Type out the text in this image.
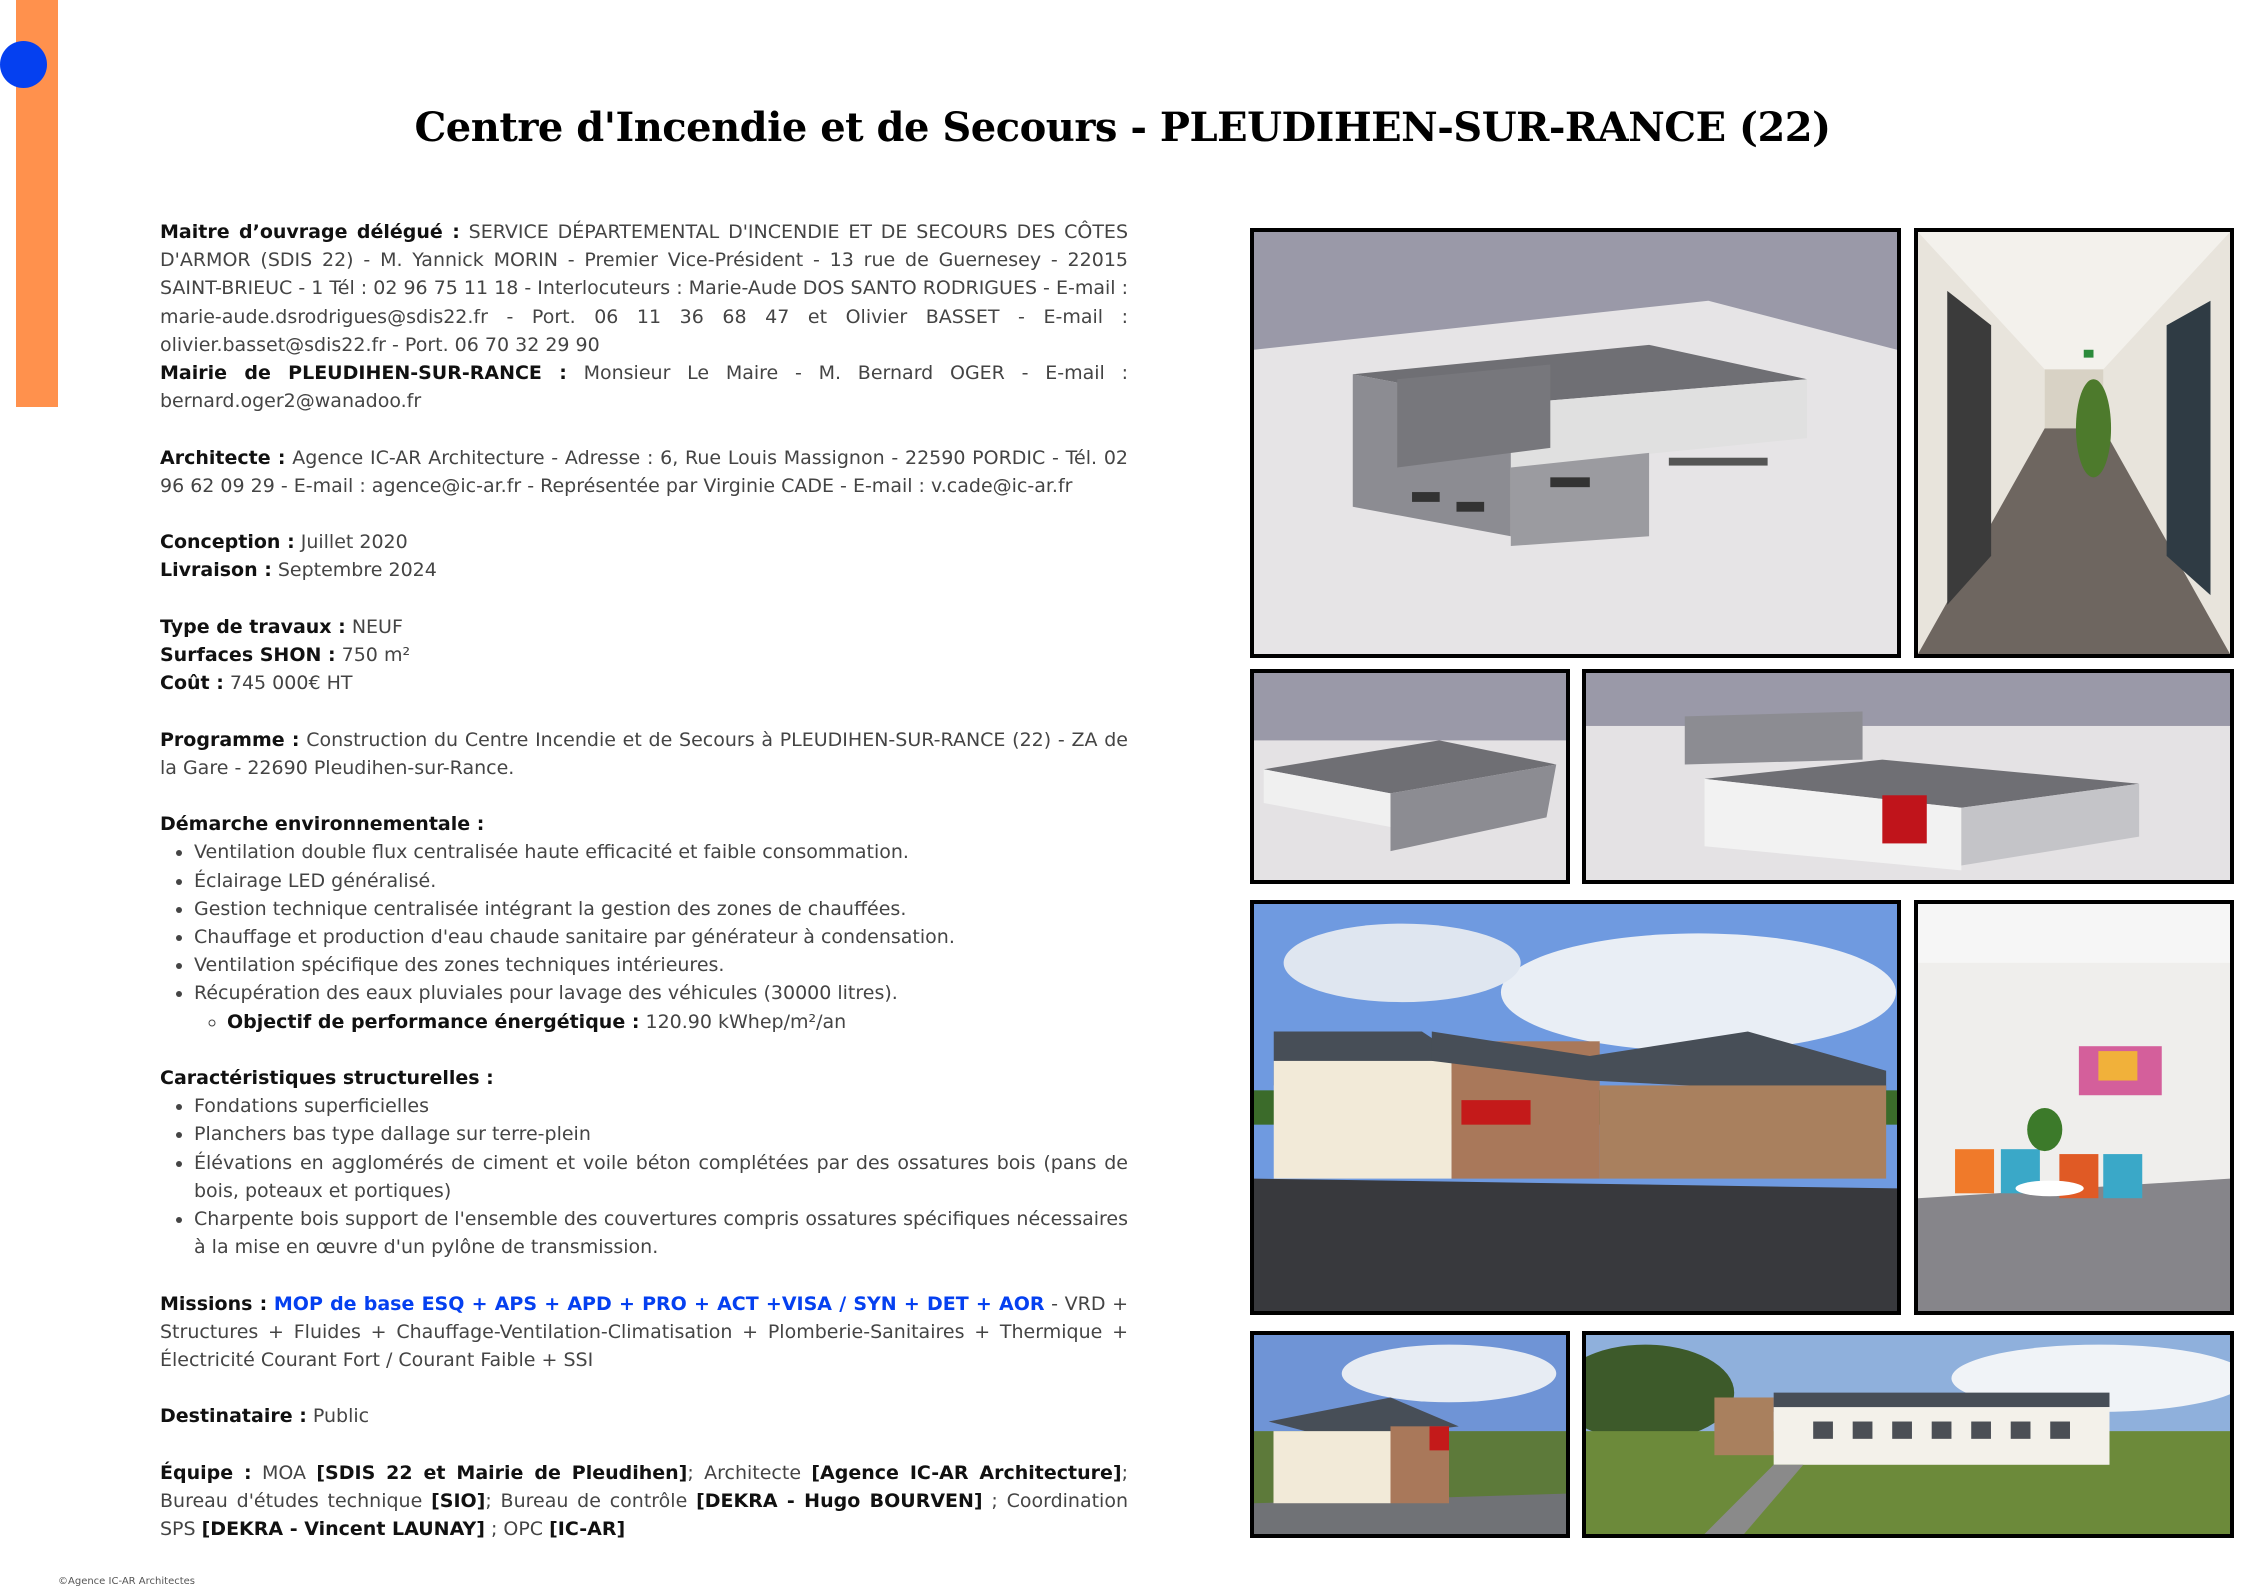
Centre d'Incendie et de Secours - PLEUDIHEN-SUR-RANCE (22)

Maitre d’ouvrage délégué : SERVICE DÉPARTEMENTAL D'INCENDIE ET DE SECOURS DES CÔTES D'ARMOR (SDIS 22) - M. Yannick MORIN - Premier Vice-Président - 13 rue de Guernesey - 22015 SAINT-BRIEUC - 1 Tél : 02 96 75 11 18 - Interlocuteurs : Marie-Aude DOS SANTO RODRIGUES - E-mail : marie-aude.dsrodrigues@sdis22.fr - Port. 06 11 36 68 47 et Olivier BASSET - E-mail : olivier.basset@sdis22.fr - Port. 06 70 32 29 90

Mairie de PLEUDIHEN-SUR-RANCE : Monsieur Le Maire - M. Bernard OGER - E-mail : bernard.oger2@wanadoo.fr

Architecte : Agence IC-AR Architecture - Adresse : 6, Rue Louis Massignon - 22590 PORDIC - Tél. 02 96 62 09 29 - E-mail : agence@ic-ar.fr - Représentée par Virginie CADE - E-mail : v.cade@ic-ar.fr

Conception : Juillet 2020

Livraison : Septembre 2024

Type de travaux : NEUF

Surfaces SHON : 750 m²

Coût : 745 000€ HT

Programme : Construction du Centre Incendie et de Secours à PLEUDIHEN-SUR-RANCE (22) - ZA de la Gare - 22690 Pleudihen-sur-Rance.

Démarche environnementale :

• Ventilation double flux centralisée haute efficacité et faible consommation.
• Éclairage LED généralisé.
• Gestion technique centralisée intégrant la gestion des zones de chauffées.
• Chauffage et production d'eau chaude sanitaire par générateur à condensation.
• Ventilation spécifique des zones techniques intérieures.
• Récupération des eaux pluviales pour lavage des véhicules (30000 litres).
◦ Objectif de performance énergétique : 120.90 kWhep/m²/an

Caractéristiques structurelles :

• Fondations superficielles
• Planchers bas type dallage sur terre-plein
• Élévations en agglomérés de ciment et voile béton complétées par des ossatures bois (pans de bois, poteaux et portiques)
• Charpente bois support de l'ensemble des couvertures compris ossatures spécifiques nécessaires à la mise en œuvre d'un pylône de transmission.

Missions : MOP de base ESQ + APS + APD + PRO + ACT +VISA / SYN + DET + AOR - VRD + Structures + Fluides + Chauffage-Ventilation-Climatisation + Plomberie-Sanitaires + Thermique + Électricité Courant Fort / Courant Faible + SSI

Destinataire : Public

Équipe : MOA [SDIS 22 et Mairie de Pleudihen]; Architecte [Agence IC-AR Architecture]; Bureau d'études technique [SIO]; Bureau de contrôle [DEKRA - Hugo BOURVEN] ; Coordination SPS [DEKRA - Vincent LAUNAY] ; OPC [IC-AR]

©Agence IC-AR Architectes
